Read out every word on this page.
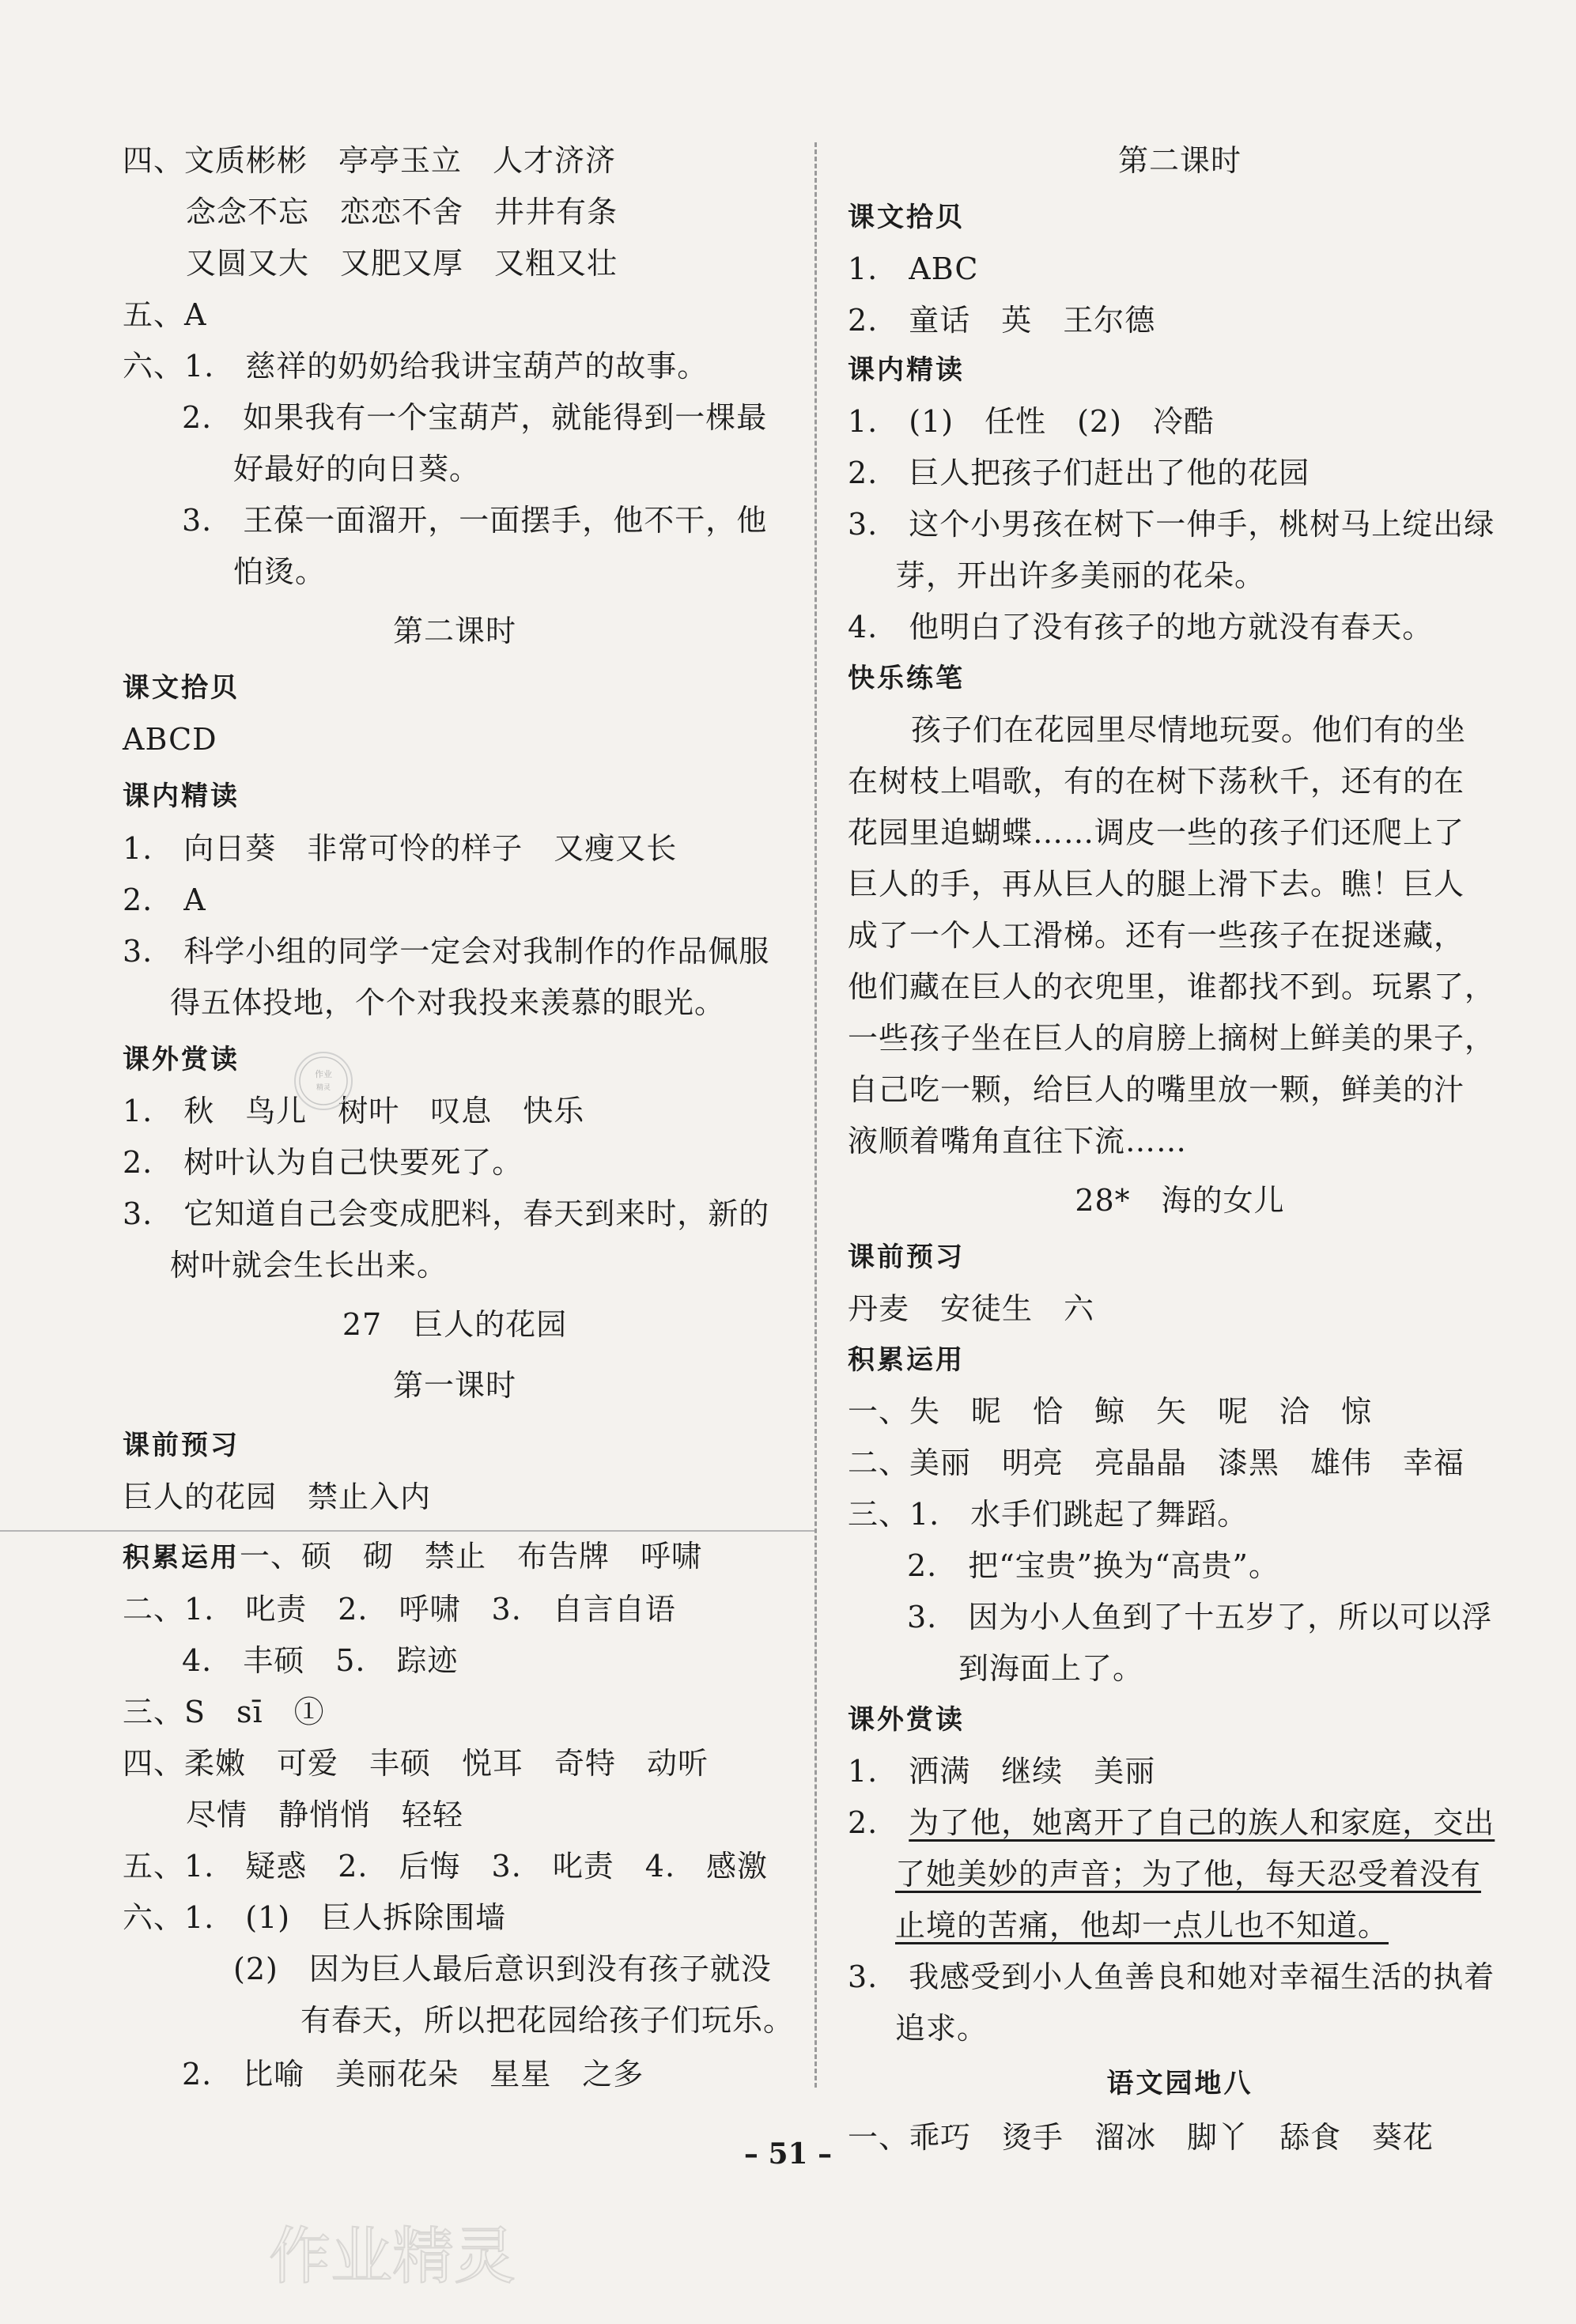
四、文质彬彬　亭亭玉立　人才济济
念念不忘　恋恋不舍　井井有条
又圆又大　又肥又厚　又粗又壮
五、A
六、1.　慈祥的奶奶给我讲宝葫芦的故事。
2.　如果我有一个宝葫芦，就能得到一棵最
好最好的向日葵。
3.　王葆一面溜开，一面摆手，他不干，他
怕烫。
第二课时
课文拾贝
ABCD
课内精读
1.　向日葵　非常可怜的样子　又瘦又长
2.　A
3.　科学小组的同学一定会对我制作的作品佩服
得五体投地，个个对我投来羡慕的眼光。
课外赏读
1.　秋　鸟儿　树叶　叹息　快乐
2.　树叶认为自己快要死了。
3.　它知道自己会变成肥料，春天到来时，新的
树叶就会生长出来。
27　巨人的花园
第一课时
课前预习
巨人的花园　禁止入内
积累运用一、硕　砌　禁止　布告牌　呼啸
二、1.　叱责　2.　呼啸　3.　自言自语
4.　丰硕　5.　踪迹
三、S　sī　①
四、柔嫩　可爱　丰硕　悦耳　奇特　动听
尽情　静悄悄　轻轻
五、1.　疑惑　2.　后悔　3.　叱责　4.　感激
六、1.　(1)　巨人拆除围墙
(2)　因为巨人最后意识到没有孩子就没
有春天，所以把花园给孩子们玩乐。
2.　比喻　美丽花朵　星星　之多
第二课时
课文拾贝
1.　ABC
2.　童话　英　王尔德
课内精读
1.　(1)　任性　(2)　冷酷
2.　巨人把孩子们赶出了他的花园
3.　这个小男孩在树下一伸手，桃树马上绽出绿
芽，开出许多美丽的花朵。
4.　他明白了没有孩子的地方就没有春天。
快乐练笔
孩子们在花园里尽情地玩耍。他们有的坐
在树枝上唱歌，有的在树下荡秋千，还有的在
花园里追蝴蝶……调皮一些的孩子们还爬上了
巨人的手，再从巨人的腿上滑下去。瞧！巨人
成了一个人工滑梯。还有一些孩子在捉迷藏，
他们藏在巨人的衣兜里，谁都找不到。玩累了，
一些孩子坐在巨人的肩膀上摘树上鲜美的果子，
自己吃一颗，给巨人的嘴里放一颗，鲜美的汁
液顺着嘴角直往下流……
28*　海的女儿
课前预习
丹麦　安徒生　六
积累运用
一、失　昵　恰　鲸　矢　呢　洽　惊
二、美丽　明亮　亮晶晶　漆黑　雄伟　幸福
三、1.　水手们跳起了舞蹈。
2.　把“宝贵”换为“高贵”。
3.　因为小人鱼到了十五岁了，所以可以浮
到海面上了。
课外赏读
1.　洒满　继续　美丽
2.　为了他，她离开了自己的族人和家庭，交出
了她美妙的声音；为了他，每天忍受着没有
止境的苦痛，他却一点儿也不知道。
3.　我感受到小人鱼善良和她对幸福生活的执着
追求。
语文园地八
一、乖巧　烫手　溜冰　脚丫　舔食　葵花
作业
精灵
作业精灵
– 51 –
